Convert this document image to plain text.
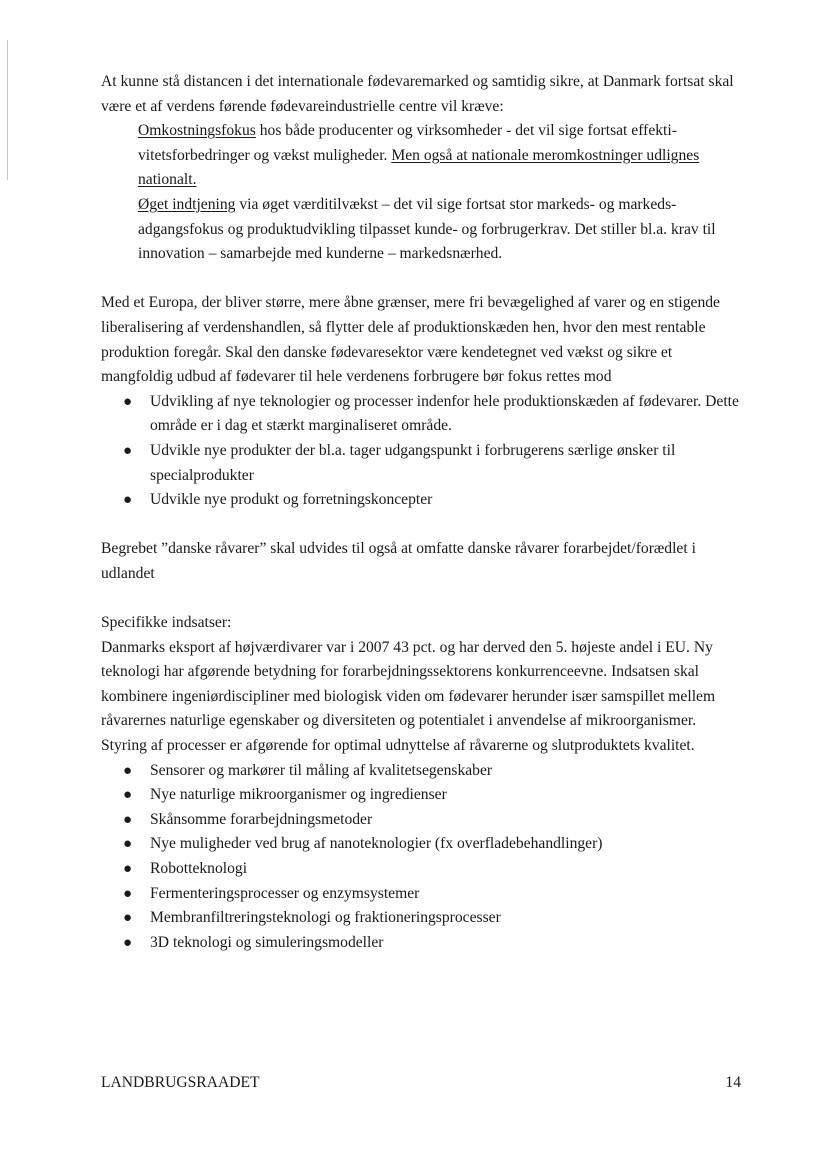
At kunne stå distancen i det internationale fødevaremarked og samtidig sikre, at Danmark fortsat skal være et af verdens førende fødevareindustrielle centre vil kræve:

Omkostningsfokus hos både producenter og virksomheder - det vil sige fortsat effektivitetsforbedringer og vækst muligheder. Men også at nationale meromkostninger udlignes nationalt.

Øget indtjening via øget værditilvækst – det vil sige fortsat stor markeds- og markedsadgangsfokus og produktudvikling tilpasset kunde- og forbrugerkrav. Det stiller bl.a. krav til innovation – samarbejde med kunderne – markedsnærhed.

Med et Europa, der bliver større, mere åbne grænser, mere fri bevægelighed af varer og en stigende liberalisering af verdenshandlen, så flytter dele af produktionskæden hen, hvor den mest rentable produktion foregår. Skal den danske fødevaresektor være kendetegnet ved vækst og sikre et mangfoldig udbud af fødevarer til hele verdenens forbrugere bør fokus rettes mod

● Udvikling af nye teknologier og processer indenfor hele produktionskæden af fødevarer. Dette område er i dag et stærkt marginaliseret område.
● Udvikle nye produkter der bl.a. tager udgangspunkt i forbrugerens særlige ønsker til specialprodukter
● Udvikle nye produkt og forretningskoncepter

Begrebet ”danske råvarer” skal udvides til også at omfatte danske råvarer forarbejdet/forædlet i udlandet

Specifikke indsatser:

Danmarks eksport af højværdivarer var i 2007 43 pct. og har derved den 5. højeste andel i EU. Ny teknologi har afgørende betydning for forarbejdningssektorens konkurrenceevne. Indsatsen skal kombinere ingeniørdiscipliner med biologisk viden om fødevarer herunder især samspillet mellem råvarernes naturlige egenskaber og diversiteten og potentialet i anvendelse af mikroorganismer. Styring af processer er afgørende for optimal udnyttelse af råvarerne og slutproduktets kvalitet.

● Sensorer og markører til måling af kvalitetsegenskaber
● Nye naturlige mikroorganismer og ingredienser
● Skånsomme forarbejdningsmetoder
● Nye muligheder ved brug af nanoteknologier (fx overfladebehandlinger)
● Robotteknologi
● Fermenteringsprocesser og enzymsystemer
● Membranfiltreringsteknologi og fraktioneringsprocesser
● 3D teknologi og simuleringsmodeller
LANDBRUGSRAADET	14
